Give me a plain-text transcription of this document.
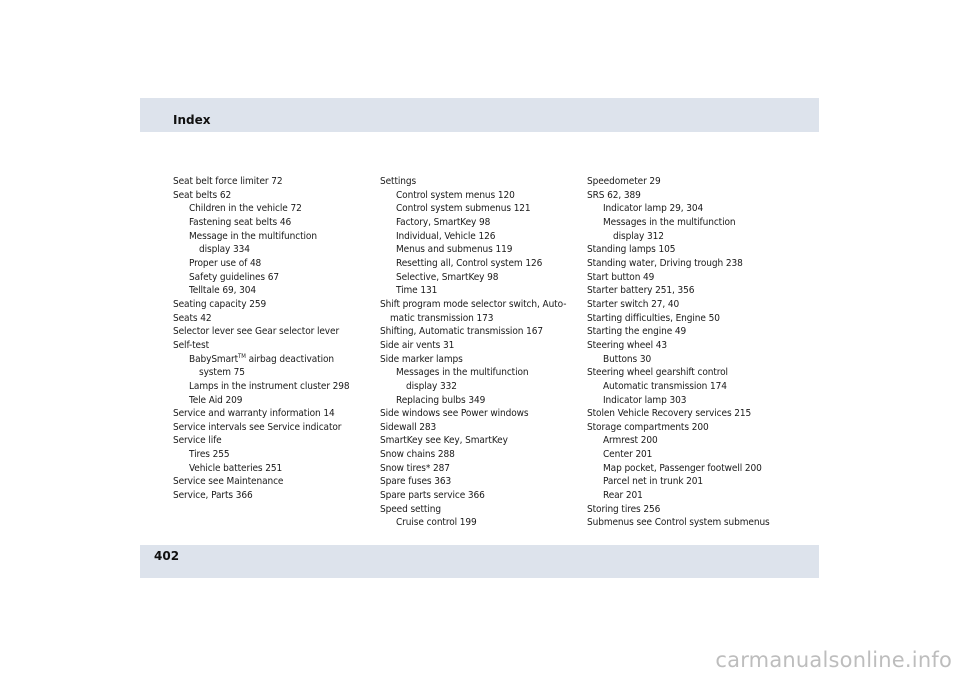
Index
Seat belt force limiter 72
Seat belts 62
Children in the vehicle 72
Fastening seat belts 46
Message in the multifunction
display 334
Proper use of 48
Safety guidelines 67
Telltale 69, 304
Seating capacity 259
Seats 42
Selector lever see Gear selector lever
Self-test
BabySmart™ airbag deactivation
system 75
Lamps in the instrument cluster 298
Tele Aid 209
Service and warranty information 14
Service intervals see Service indicator
Service life
Tires 255
Vehicle batteries 251
Service see Maintenance
Service, Parts 366
Settings
Control system menus 120
Control system submenus 121
Factory, SmartKey 98
Individual, Vehicle 126
Menus and submenus 119
Resetting all, Control system 126
Selective, SmartKey 98
Time 131
Shift program mode selector switch, Auto-
matic transmission 173
Shifting, Automatic transmission 167
Side air vents 31
Side marker lamps
Messages in the multifunction
display 332
Replacing bulbs 349
Side windows see Power windows
Sidewall 283
SmartKey see Key, SmartKey
Snow chains 288
Snow tires* 287
Spare fuses 363
Spare parts service 366
Speed setting
Cruise control 199
Speedometer 29
SRS 62, 389
Indicator lamp 29, 304
Messages in the multifunction
display 312
Standing lamps 105
Standing water, Driving trough 238
Start button 49
Starter battery 251, 356
Starter switch 27, 40
Starting difficulties, Engine 50
Starting the engine 49
Steering wheel 43
Buttons 30
Steering wheel gearshift control
Automatic transmission 174
Indicator lamp 303
Stolen Vehicle Recovery services 215
Storage compartments 200
Armrest 200
Center 201
Map pocket, Passenger footwell 200
Parcel net in trunk 201
Rear 201
Storing tires 256
Submenus see Control system submenus
402
carmanualsonline.info
